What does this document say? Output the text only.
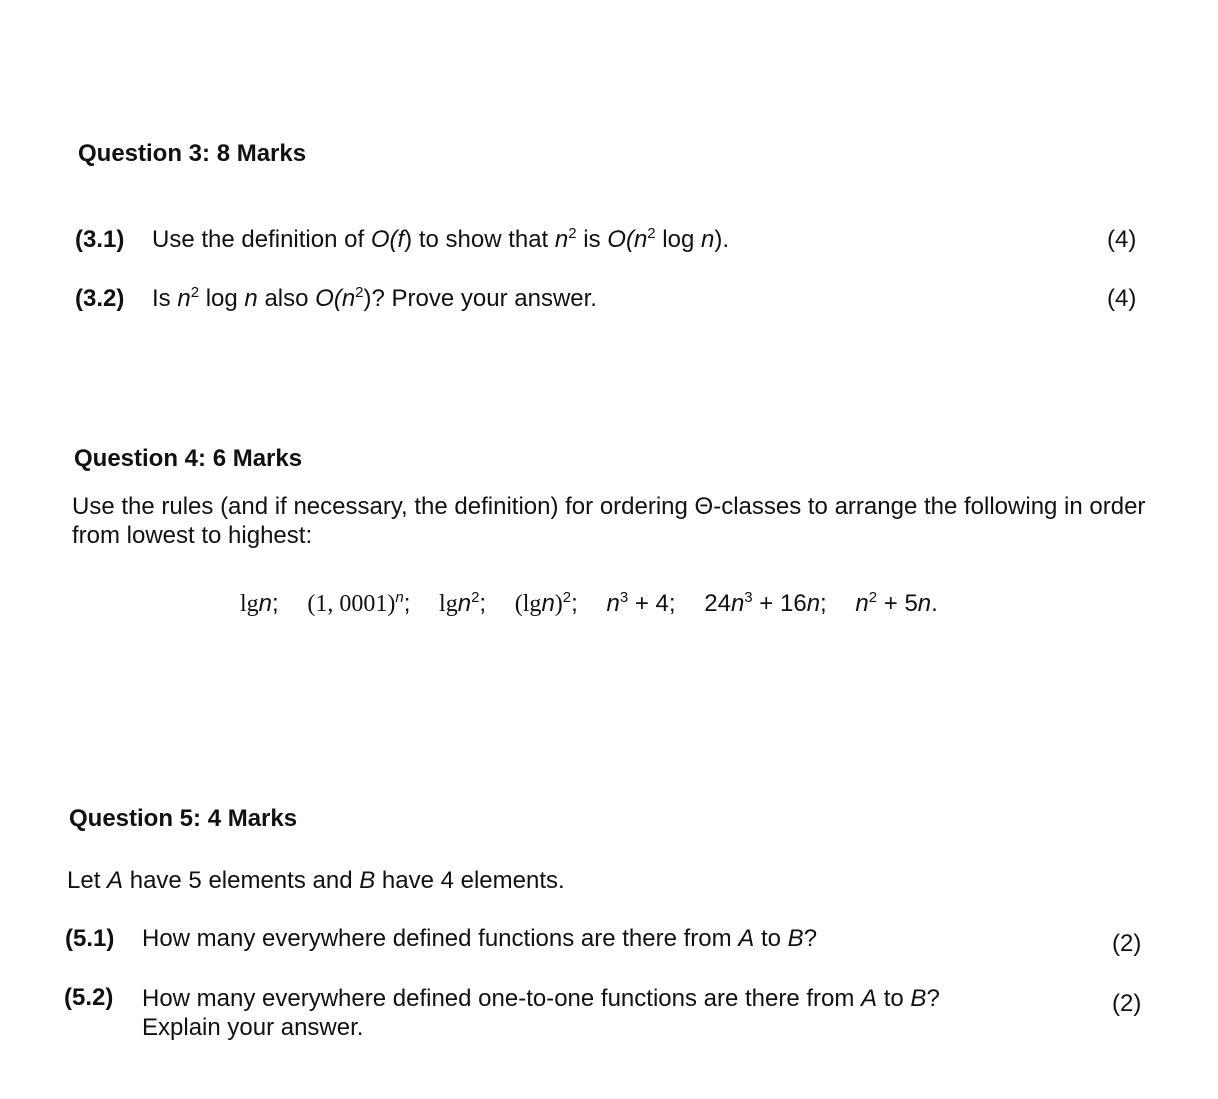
Question 3: 8 Marks
(3.1) Use the definition of O(f) to show that $n^2$ is $O(n^2$ log n).	(4)
(3.2) Is $n^2$ log n also $O(n^2)$? Prove your answer.	(4)
Question 4: 6 Marks

Use the rules (and if necessary, the definition) for ordering Θ-classes to arrange the following in order from lowest to highest:

lgn; (1, 0001)$^n$; lgn$^2$; $(\lg n)^2$; $n^3 + 4$; $24n^3 + 16n$; $n^2 + 5n$.
Question 5: 4 Marks

Let A have 5 elements and B have 4 elements.

(5.1) How many everywhere defined functions are there from A to B?	(2)
(5.2) How many everywhere defined one-to-one functions are there from A to B?
Explain your answer.
(2)
